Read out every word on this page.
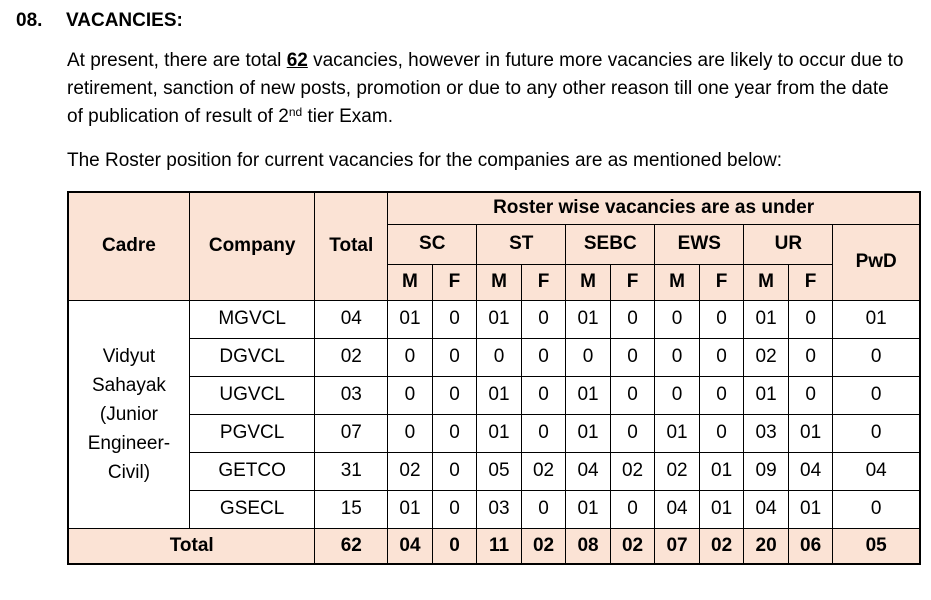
08. VACANCIES:
At present, there are total 62 vacancies, however in future more vacancies are likely to occur due to retirement, sanction of new posts, promotion or due to any other reason till one year from the date of publication of result of 2nd tier Exam.
The Roster position for current vacancies for the companies are as mentioned below:
Cadre	Company	Total	Roster wise vacancies are as under										
			SC		ST		SEBC		EWS		UR		PwD
			M	F	M	F	M	F	M	F	M	F	

Vidyut
Sahayak
(Junior
Engineer-
Civil)	MGVCL	04	01	0	01	0	01	0	0	0	01	0	01
	DGVCL	02	0	0	0	0	0	0	0	0	02	0	0
	UGVCL	03	0	0	01	0	01	0	0	0	01	0	0
	PGVCL	07	0	0	01	0	01	0	01	0	03	01	0
	GETCO	31	02	0	05	02	04	02	02	01	09	04	04
	GSECL	15	01	0	03	0	01	0	04	01	04	01	0
Total		62	04	0	11	02	08	02	07	02	20	06	05
